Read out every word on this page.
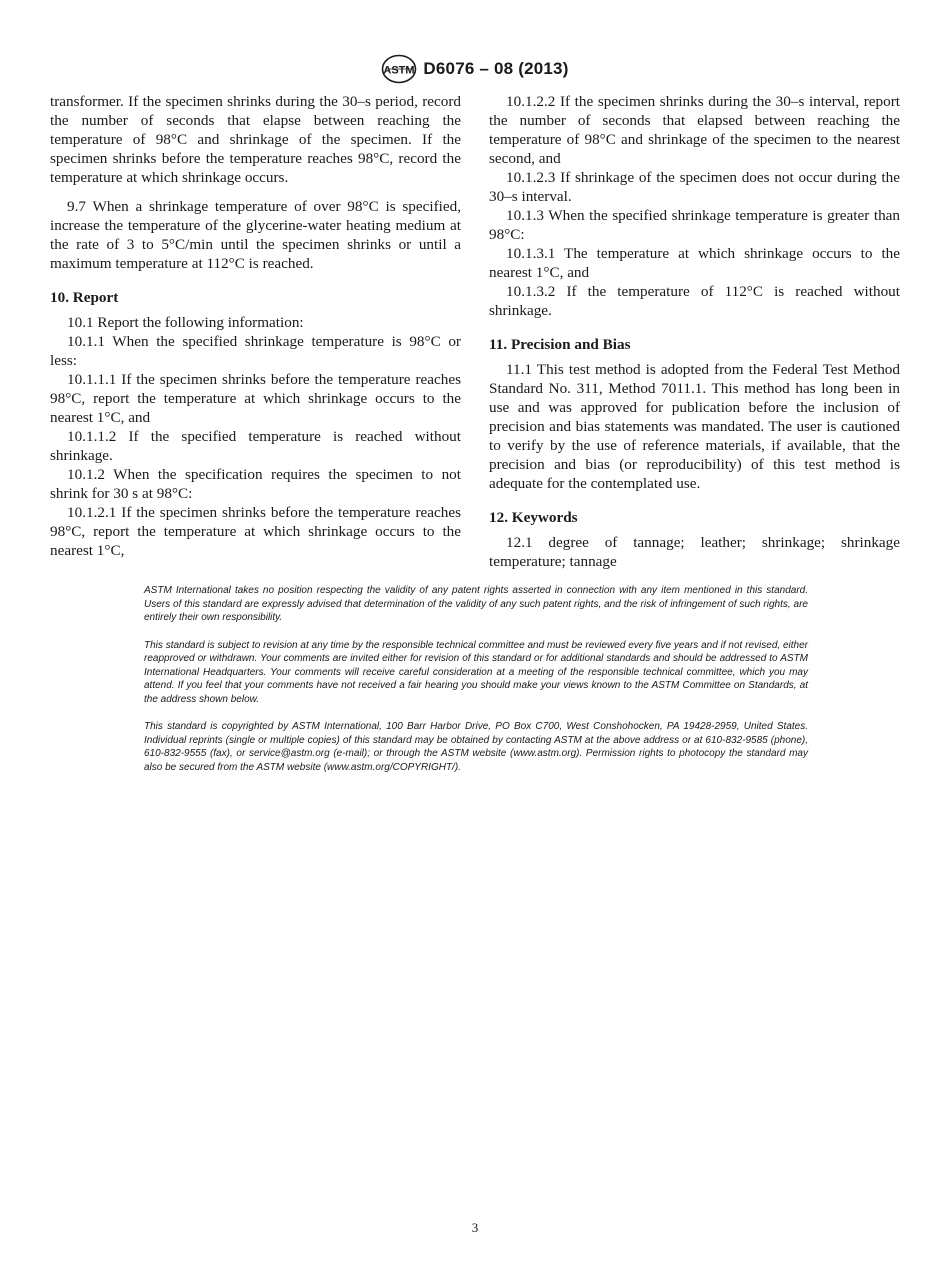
ASTM D6076 – 08 (2013)

transformer. If the specimen shrinks during the 30–s period, record the number of seconds that elapse between reaching the temperature of 98°C and shrinkage of the specimen. If the specimen shrinks before the temperature reaches 98°C, record the temperature at which shrinkage occurs.

9.7 When a shrinkage temperature of over 98°C is specified, increase the temperature of the glycerine-water heating medium at the rate of 3 to 5°C/min until the specimen shrinks or until a maximum temperature at 112°C is reached.

10. Report

10.1 Report the following information:

10.1.1 When the specified shrinkage temperature is 98°C or less:

10.1.1.1 If the specimen shrinks before the temperature reaches 98°C, report the temperature at which shrinkage occurs to the nearest 1°C, and

10.1.1.2 If the specified temperature is reached without shrinkage.

10.1.2 When the specification requires the specimen to not shrink for 30 s at 98°C:

10.1.2.1 If the specimen shrinks before the temperature reaches 98°C, report the temperature at which shrinkage occurs to the nearest 1°C,

10.1.2.2 If the specimen shrinks during the 30–s interval, report the number of seconds that elapsed between reaching the temperature of 98°C and shrinkage of the specimen to the nearest second, and

10.1.2.3 If shrinkage of the specimen does not occur during the 30–s interval.

10.1.3 When the specified shrinkage temperature is greater than 98°C:

10.1.3.1 The temperature at which shrinkage occurs to the nearest 1°C, and

10.1.3.2 If the temperature of 112°C is reached without shrinkage.

11. Precision and Bias

11.1 This test method is adopted from the Federal Test Method Standard No. 311, Method 7011.1. This method has long been in use and was approved for publication before the inclusion of precision and bias statements was mandated. The user is cautioned to verify by the use of reference materials, if available, that the precision and bias (or reproducibility) of this test method is adequate for the contemplated use.

12. Keywords

12.1 degree of tannage; leather; shrinkage; shrinkage temperature; tannage

ASTM International takes no position respecting the validity of any patent rights asserted in connection with any item mentioned in this standard. Users of this standard are expressly advised that determination of the validity of any such patent rights, and the risk of infringement of such rights, are entirely their own responsibility.

This standard is subject to revision at any time by the responsible technical committee and must be reviewed every five years and if not revised, either reapproved or withdrawn. Your comments are invited either for revision of this standard or for additional standards and should be addressed to ASTM International Headquarters. Your comments will receive careful consideration at a meeting of the responsible technical committee, which you may attend. If you feel that your comments have not received a fair hearing you should make your views known to the ASTM Committee on Standards, at the address shown below.

This standard is copyrighted by ASTM International, 100 Barr Harbor Drive, PO Box C700, West Conshohocken, PA 19428-2959, United States. Individual reprints (single or multiple copies) of this standard may be obtained by contacting ASTM at the above address or at 610-832-9585 (phone), 610-832-9555 (fax), or service@astm.org (e-mail); or through the ASTM website (www.astm.org). Permission rights to photocopy the standard may also be secured from the ASTM website (www.astm.org/COPYRIGHT/).

3
